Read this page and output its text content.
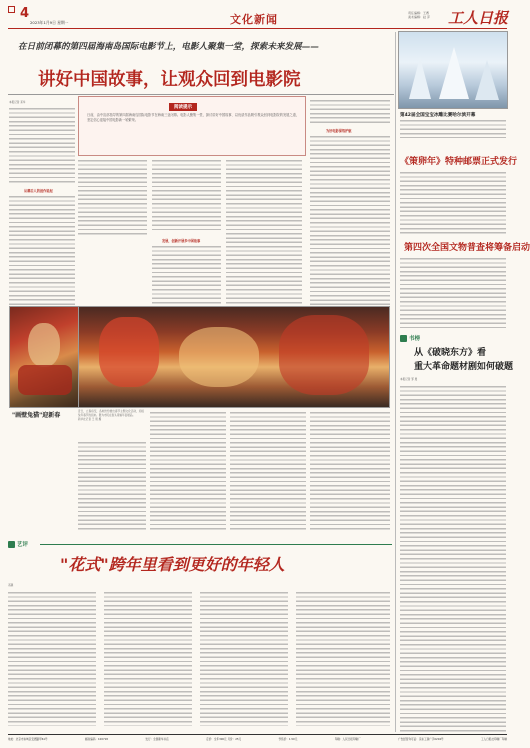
4
2023年1月9日 星期一	文化新闻	责任编辑：王赛
美术编辑：赵 萍 工人日报
在日前闭幕的第四届海南岛国际电影节上，电影人聚集一堂，探索未来发展——
讲好中国故事，让观众回到电影院
本报记者 邓华
从幕后人的创作说起
阅读提示
日前，由中宣部指导的第四届海南岛国际电影节在海南三亚闭幕。电影人聚集一堂，探讨讲好中国故事、以优质作品吸引观众回到电影院的发展之道，坚定信心迎接中国电影新一轮繁荣。
发展，创新开展多中国故事
为好电影保驾护航
"画壁兔猫"迎新春
近日，立春将至，各地纷纷推出春节主题文化活动，迎接兔年春节的到来。图为市民在街头观看年俗展品。
新华社记者 王 毅 摄
第42届全国宝宝冰雕比赛哈尔滨开幕
《策卵年》特种邮票正式发行
第四次全国文物普查将筹备启动
书榜
从《破晓东方》看
重大革命题材剧如何破题
本报记者 邹 晨
艺评
"花式"跨年里看到更好的年轻人
邓越
地址：北京市东城区安德路甲61号	邮政编码：100718	发行：全国新华书店	定价：全年300元 月价：25元	零售价：1.50元	印刷：人民日报印刷厂	广告经营许可证：京东工商广字0204号	工人日报社印刷厂印制
